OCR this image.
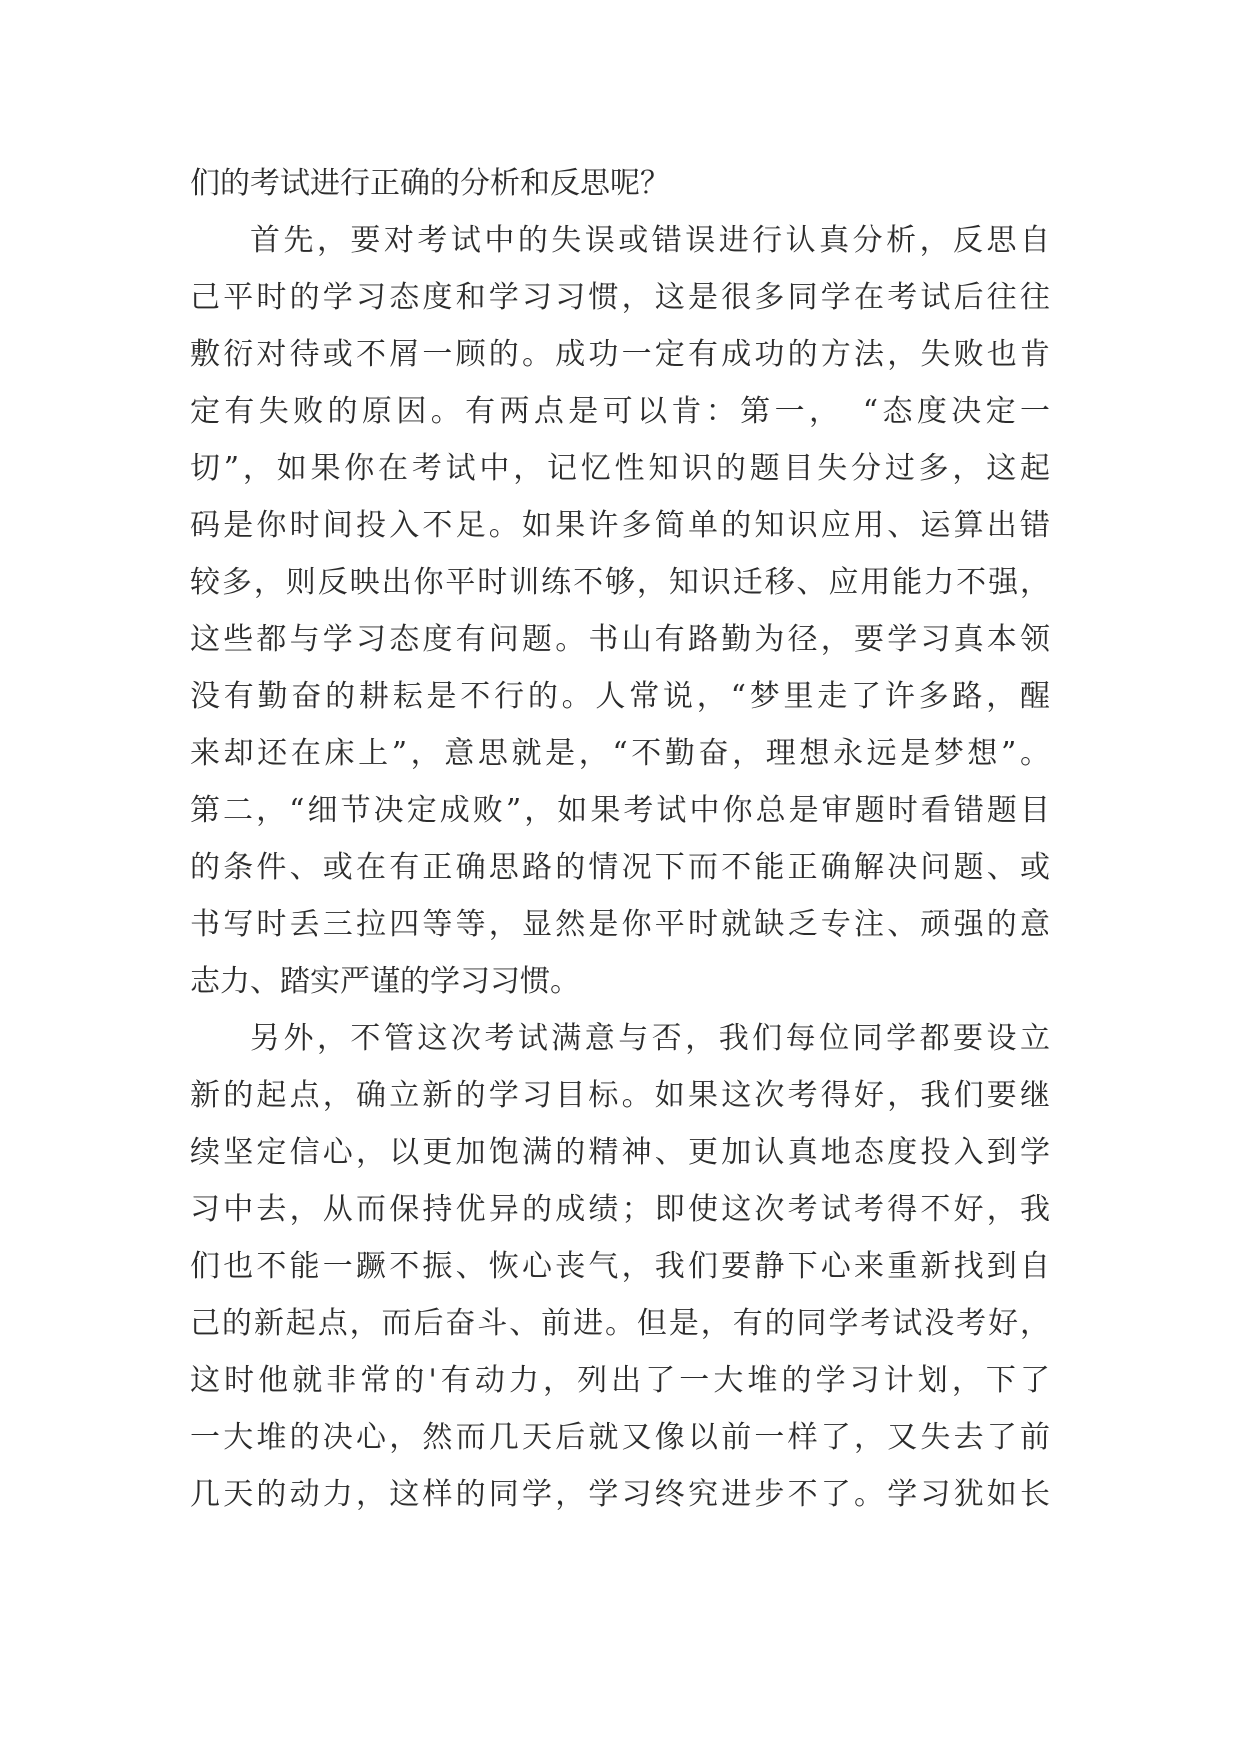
们的考试进行正确的分析和反思呢？
首先，要对考试中的失误或错误进行认真分析，反思自
己平时的学习态度和学习习惯，这是很多同学在考试后往往
敷衍对待或不屑一顾的。成功一定有成功的方法，失败也肯
定有失败的原因。有两点是可以肯：第一，　“态度决定一
切”，如果你在考试中，记忆性知识的题目失分过多，这起
码是你时间投入不足。如果许多简单的知识应用、运算出错
较多，则反映出你平时训练不够，知识迁移、应用能力不强，
这些都与学习态度有问题。书山有路勤为径，要学习真本领
没有勤奋的耕耘是不行的。人常说，“梦里走了许多路，醒
来却还在床上”，意思就是，“不勤奋，理想永远是梦想”。
第二，“细节决定成败”，如果考试中你总是审题时看错题目
的条件、或在有正确思路的情况下而不能正确解决问题、或
书写时丢三拉四等等，显然是你平时就缺乏专注、顽强的意
志力、踏实严谨的学习习惯。
另外，不管这次考试满意与否，我们每位同学都要设立
新的起点，确立新的学习目标。如果这次考得好，我们要继
续坚定信心，以更加饱满的精神、更加认真地态度投入到学
习中去，从而保持优异的成绩；即使这次考试考得不好，我
们也不能一蹶不振、恢心丧气，我们要静下心来重新找到自
己的新起点，而后奋斗、前进。但是，有的同学考试没考好，
这时他就非常的'有动力，列出了一大堆的学习计划，下了
一大堆的决心，然而几天后就又像以前一样了，又失去了前
几天的动力，这样的同学，学习终究进步不了。学习犹如长
